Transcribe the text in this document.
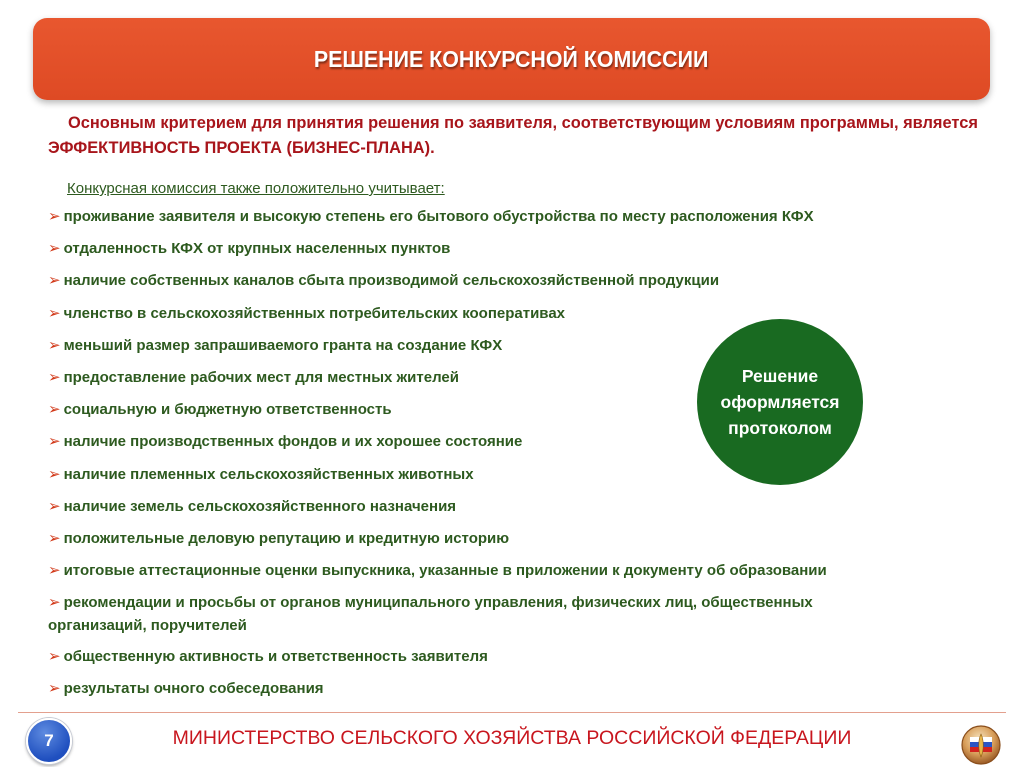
РЕШЕНИЕ КОНКУРСНОЙ КОМИССИИ
Основным критерием для принятия решения по заявителя, соответствующим условиям программы, является ЭФФЕКТИВНОСТЬ ПРОЕКТА (БИЗНЕС-ПЛАНА).
Конкурсная комиссия также положительно учитывает:
➢ проживание заявителя и высокую степень его бытового обустройства по месту расположения КФХ
➢ отдаленность КФХ от крупных населенных пунктов
➢ наличие собственных каналов сбыта производимой сельскохозяйственной продукции
➢ членство в сельскохозяйственных потребительских кооперативах
➢ меньший размер запрашиваемого гранта на создание КФХ
➢ предоставление рабочих мест для местных жителей
➢ социальную и бюджетную ответственность
➢ наличие производственных фондов и их хорошее состояние
➢ наличие племенных сельскохозяйственных животных
➢ наличие земель сельскохозяйственного назначения
➢ положительные деловую репутацию и кредитную историю
➢ итоговые аттестационные оценки выпускника, указанные в приложении к документу об образовании
➢ рекомендации и просьбы от органов муниципального управления, физических лиц, общественных организаций, поручителей
➢ общественную активность и ответственность заявителя
➢ результаты очного собеседования
Решение
оформляется
протоколом
7	МИНИСТЕРСТВО СЕЛЬСКОГО ХОЗЯЙСТВА РОССИЙСКОЙ ФЕДЕРАЦИИ
